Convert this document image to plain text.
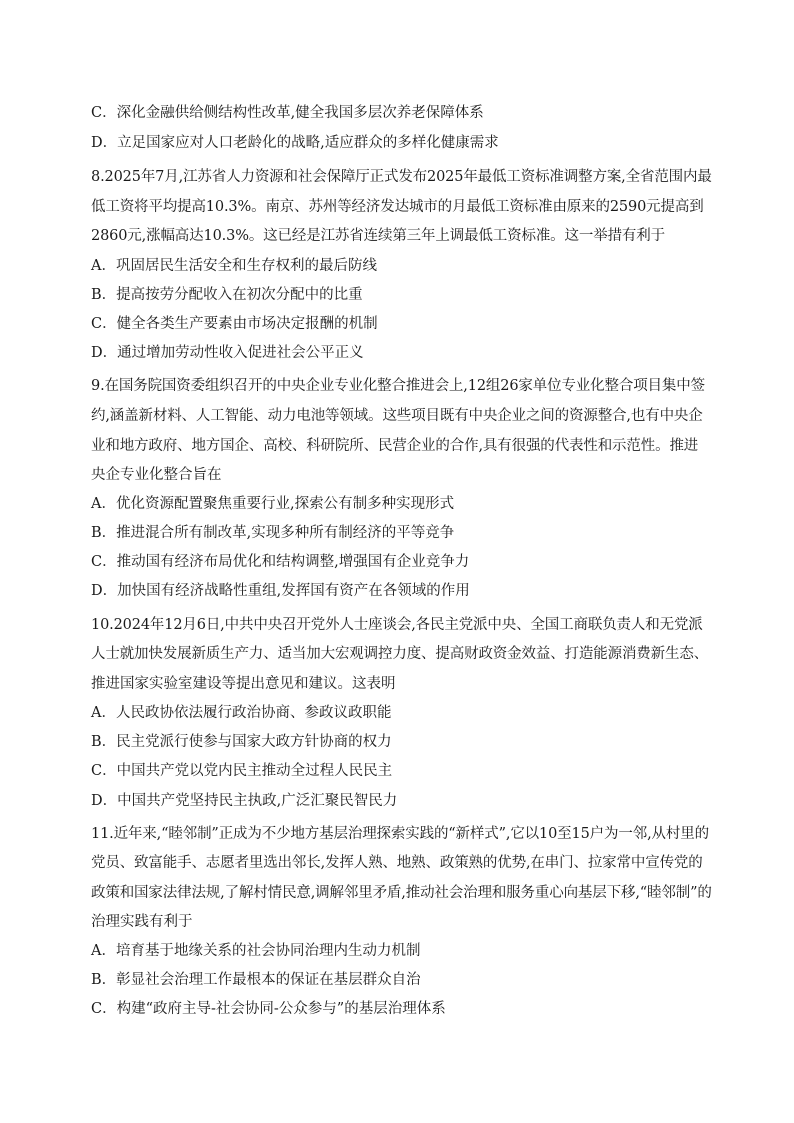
C．深化金融供给侧结构性改革,健全我国多层次养老保障体系
D．立足国家应对人口老龄化的战略,适应群众的多样化健康需求
8.2025年7月,江苏省人力资源和社会保障厅正式发布2025年最低工资标准调整方案,全省范围内最
低工资将平均提高10.3%。南京、苏州等经济发达城市的月最低工资标准由原来的2590元提高到
2860元,涨幅高达10.3%。这已经是江苏省连续第三年上调最低工资标准。这一举措有利于
A．巩固居民生活安全和生存权利的最后防线
B．提高按劳分配收入在初次分配中的比重
C．健全各类生产要素由市场决定报酬的机制
D．通过增加劳动性收入促进社会公平正义
9.在国务院国资委组织召开的中央企业专业化整合推进会上,12组26家单位专业化整合项目集中签
约,涵盖新材料、人工智能、动力电池等领域。这些项目既有中央企业之间的资源整合,也有中央企
业和地方政府、地方国企、高校、科研院所、民营企业的合作,具有很强的代表性和示范性。推进
央企专业化整合旨在
A．优化资源配置聚焦重要行业,探索公有制多种实现形式
B．推进混合所有制改革,实现多种所有制经济的平等竞争
C．推动国有经济布局优化和结构调整,增强国有企业竞争力
D．加快国有经济战略性重组,发挥国有资产在各领域的作用
10.2024年12月6日,中共中央召开党外人士座谈会,各民主党派中央、全国工商联负责人和无党派
人士就加快发展新质生产力、适当加大宏观调控力度、提高财政资金效益、打造能源消费新生态、
推进国家实验室建设等提出意见和建议。这表明
A．人民政协依法履行政治协商、参政议政职能
B．民主党派行使参与国家大政方针协商的权力
C．中国共产党以党内民主推动全过程人民民主
D．中国共产党坚持民主执政,广泛汇聚民智民力
11.近年来,“睦邻制”正成为不少地方基层治理探索实践的“新样式”,它以10至15户为一邻,从村里的
党员、致富能手、志愿者里选出邻长,发挥人熟、地熟、政策熟的优势,在串门、拉家常中宣传党的
政策和国家法律法规,了解村情民意,调解邻里矛盾,推动社会治理和服务重心向基层下移,“睦邻制”的
治理实践有利于
A．培育基于地缘关系的社会协同治理内生动力机制
B．彰显社会治理工作最根本的保证在基层群众自治
C．构建“政府主导-社会协同-公众参与”的基层治理体系
